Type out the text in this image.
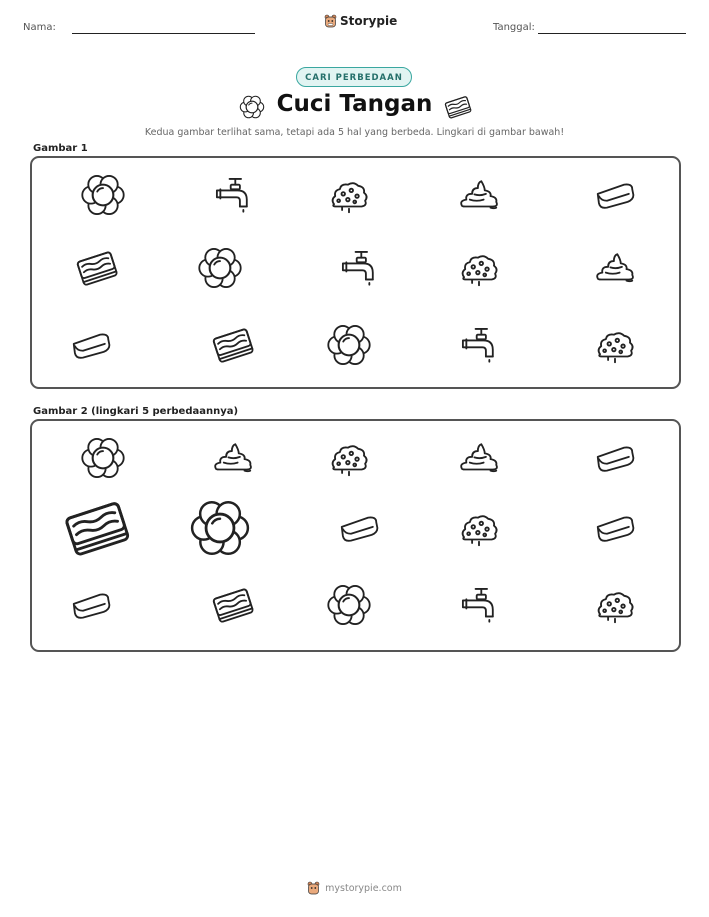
Nama:	Storypie	Tanggal:
CARI PERBEDAAN
Cuci Tangan
Kedua gambar terlihat sama, tetapi ada 5 hal yang berbeda. Lingkari di gambar bawah!
Gambar 1
Gambar 2 (lingkari 5 perbedaannya)
mystorypie.com
